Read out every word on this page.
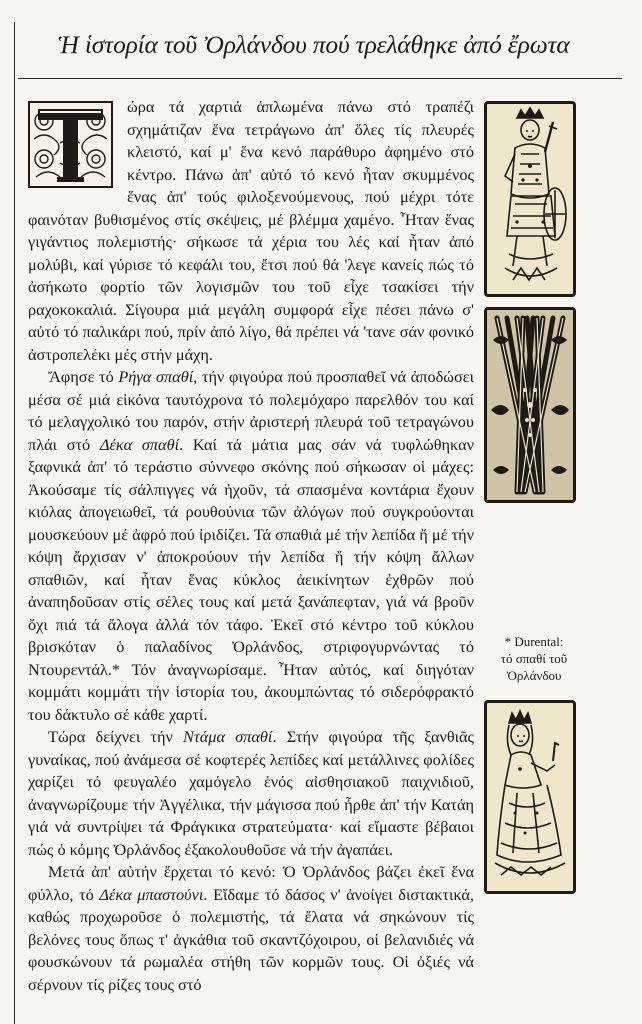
Ἡ ἱστορία τοῦ Ὀρλάνδου πού τρελάθηκε ἀπό ἔρωτα

ώρα τά χαρτιά ἁπλωμένα πάνω στό τραπέζι σχημάτιζαν ἕνα τετράγωνο ἀπ' ὅλες τίς πλευρές κλειστό, καί μ' ἕνα κενό παράθυρο ἀφημένο στό κέντρο. Πάνω ἀπ' αὐτό τό κενό ἦταν σκυμμένος ἕνας ἀπ' τούς φιλοξενούμενους, πού μέχρι τότε φαινόταν βυθισμένος στίς σκέψεις, μέ βλέμμα χαμένο. Ἦταν ἕνας γιγάντιος πολεμιστής· σήκωσε τά χέρια του λές καί ἦταν ἀπό μολύβι, καί γύρισε τό κεφάλι του, ἔτσι πού θά 'λεγε κανείς πώς τό ἀσήκωτο φορτίο τῶν λογισμῶν του τοῦ εἶχε τσακίσει τήν ραχοκοκαλιά. Σίγουρα μιά μεγάλη συμφορά εἶχε πέσει πάνω σ' αὐτό τό παλικάρι πού, πρίν ἀπό λίγο, θά πρέπει νά 'τανε σάν φονικό ἀστροπελέκι μές στήν μάχη.

Ἄφησε τό Ρήγα σπαθί, τήν φιγούρα πού προσπαθεῖ νά ἀποδώσει μέσα σέ μιά εἰκόνα ταυτόχρονα τό πολεμόχαρο παρελθόν του καί τό μελαγχολικό του παρόν, στήν ἀριστερή πλευρά τοῦ τετραγώνου πλάι στό Δέκα σπαθί. Καί τά μάτια μας σάν νά τυφλώθηκαν ξαφνικά ἀπ' τό τεράστιο σύννεφο σκόνης πού σήκωσαν οἱ μάχες: Ἀκούσαμε τίς σάλπιγγες νά ἠχοῦν, τά σπασμένα κοντάρια ἔχουν κιόλας ἀπογειωθεῖ, τά ρουθούνια τῶν ἀλόγων πού συγκρούονται μουσκεύουν μέ ἀφρό πού ἰριδίζει. Τά σπαθιά μέ τήν λεπίδα ἤ μέ τήν κόψη ἄρχισαν ν' ἀποκρούουν τήν λεπίδα ἤ τήν κόψη ἄλλων σπαθιῶν, καί ἦταν ἕνας κύκλος ἀεικίνητων ἐχθρῶν πού ἀναπηδοῦσαν στίς σέλες τους καί μετά ξανάπεφταν, γιά νά βροῦν ὄχι πιά τά ἄλογα ἀλλά τόν τάφο. Ἐκεῖ στό κέντρο τοῦ κύκλου βρισκόταν ὁ παλαδίνος Ὀρλάνδος, στριφογυρνώντας τό Ντουρεντάλ.* Τόν ἀναγνωρίσαμε. Ἦταν αὐτός, καί διηγόταν κομμάτι κομμάτι τήν ἱστορία του, ἀκουμπώντας τό σιδερόφρακτό του δάκτυλο σέ κάθε χαρτί.

Τώρα δείχνει τήν Ντάμα σπαθί. Στήν φιγούρα τῆς ξανθιᾶς γυναίκας, πού ἀνάμεσα σέ κοφτερές λεπίδες καί μετάλλινες φολίδες χαρίζει τό φευγαλέο χαμόγελο ἑνός αἰσθησιακοῦ παιχνιδιοῦ, ἀναγνωρίζουμε τήν Ἀγγέλικα, τήν μάγισσα πού ἦρθε ἀπ' τήν Κατάη γιά νά συντρίψει τά Φράγκικα στρατεύματα· καί εἴμαστε βέβαιοι πώς ὁ κόμης Ὀρλάνδος ἐξακολουθοῦσε νά τήν ἀγαπάει.

Μετά ἀπ' αὐτήν ἔρχεται τό κενό: Ὁ Ὀρλάνδος βάζει ἐκεῖ ἕνα φύλλο, τό Δέκα μπαστούνι. Εἴδαμε τό δάσος ν' ἀνοίγει διστακτικά, καθώς προχωροῦσε ὁ πολεμιστής, τά ἔλατα νά σηκώνουν τίς βελόνες τους ὅπως τ' ἀγκάθια τοῦ σκαντζόχοιρου, οἱ βελανιδιές νά φουσκώνουν τά ρωμαλέα στήθη τῶν κορμῶν τους. Οἱ ὀξιές νά σέρνουν τίς ρίζες τους στό

* Durental:
τό σπαθί τοῦ
Ὀρλάνδου
